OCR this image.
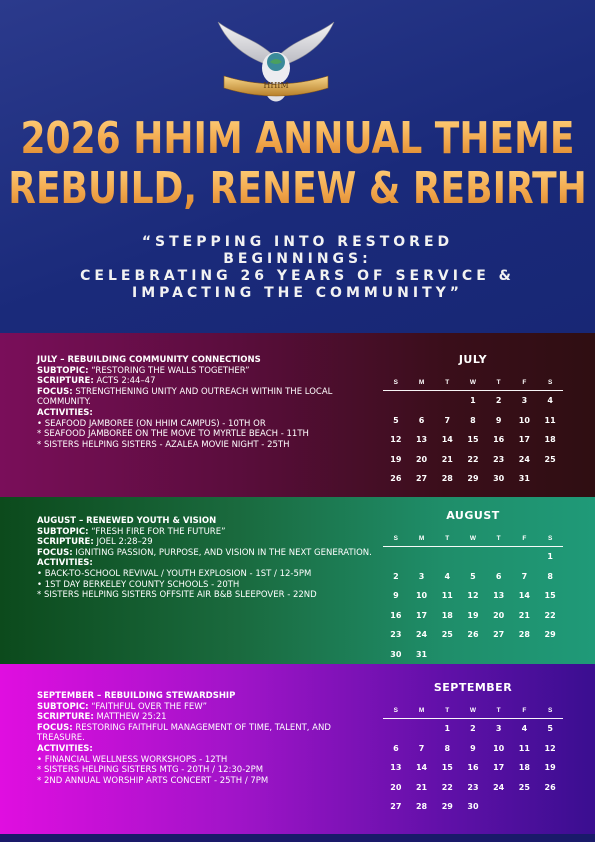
HHIM
2026 HHIM ANNUAL THEME
REBUILD, RENEW & REBIRTH
“STEPPING INTO RESTORED
BEGINNINGS:
CELEBRATING 26 YEARS OF SERVICE &
IMPACTING THE COMMUNITY”
JULY – REBUILDING COMMUNITY CONNECTIONS
SUBTOPIC: “RESTORING THE WALLS TOGETHER”
SCRIPTURE: ACTS 2:44–47
FOCUS: STRENGTHENING UNITY AND OUTREACH WITHIN THE LOCAL COMMUNITY.
ACTIVITIES:
• SEAFOOD JAMBOREE (ON HHIM CAMPUS) - 10TH OR
* SEAFOOD JAMBOREE ON THE MOVE TO MYRTLE BEACH - 11TH
* SISTERS HELPING SISTERS - AZALEA MOVIE NIGHT - 25TH
JULY
S	M	T	W	T	F	S
			1	2	3	4
5	6	7	8	9	10	11
12	13	14	15	16	17	18
19	20	21	22	23	24	25
26	27	28	29	30	31	
AUGUST – RENEWED YOUTH & VISION
SUBTOPIC: “FRESH FIRE FOR THE FUTURE”
SCRIPTURE: JOEL 2:28–29
FOCUS: IGNITING PASSION, PURPOSE, AND VISION IN THE NEXT GENERATION.
ACTIVITIES:
• BACK-TO-SCHOOL REVIVAL / YOUTH EXPLOSION - 1ST / 12-5PM
• 1ST DAY BERKELEY COUNTY SCHOOLS - 20TH
* SISTERS HELPING SISTERS OFFSITE AIR B&B SLEEPOVER - 22ND
AUGUST
S	M	T	W	T	F	S
						1
2	3	4	5	6	7	8
9	10	11	12	13	14	15
16	17	18	19	20	21	22
23	24	25	26	27	28	29
30	31					
SEPTEMBER – REBUILDING STEWARDSHIP
SUBTOPIC: “FAITHFUL OVER THE FEW”
SCRIPTURE: MATTHEW 25:21
FOCUS: RESTORING FAITHFUL MANAGEMENT OF TIME, TALENT, AND TREASURE.
ACTIVITIES:
• FINANCIAL WELLNESS WORKSHOPS - 12TH
* SISTERS HELPING SISTERS MTG - 20TH / 12:30-2PM
* 2ND ANNUAL WORSHIP ARTS CONCERT - 25TH / 7PM
SEPTEMBER
S	M	T	W	T	F	S
		1	2	3	4	5
6	7	8	9	10	11	12
13	14	15	16	17	18	19
20	21	22	23	24	25	26
27	28	29	30			
